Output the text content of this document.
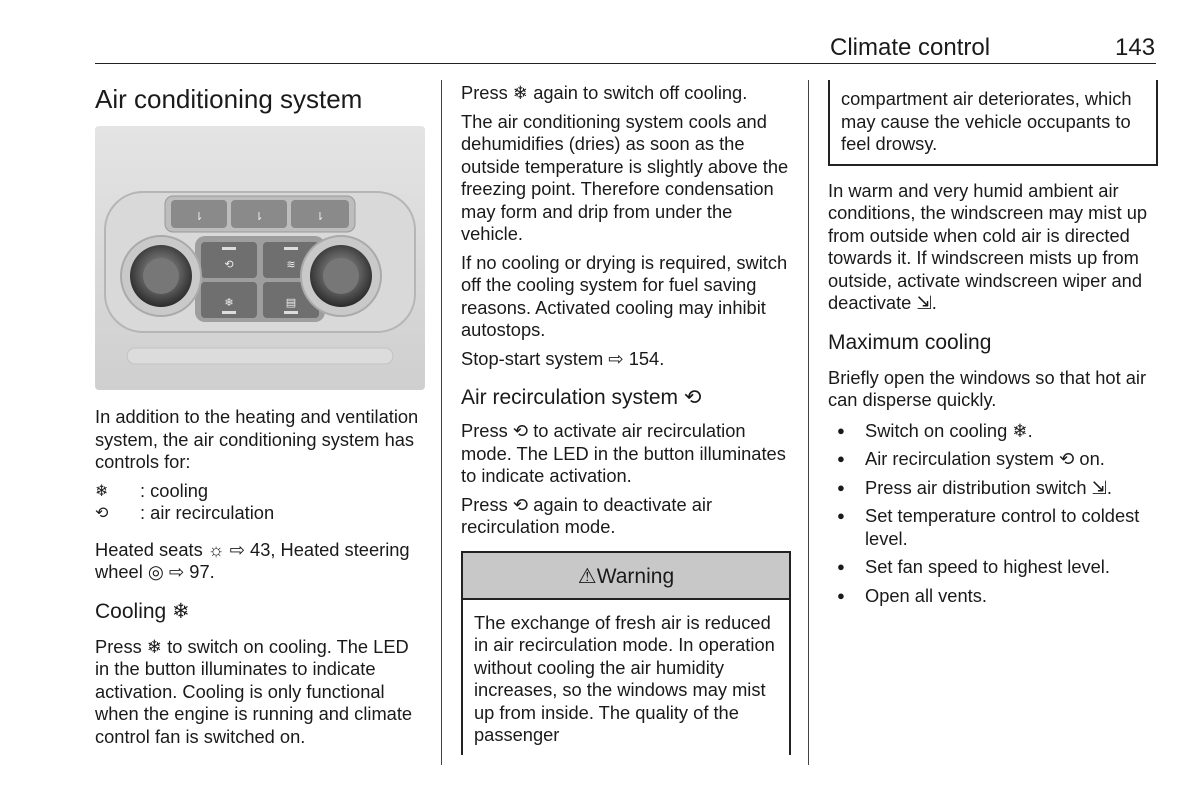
Climate control	143
Air conditioning system
⇂	⇂	⇂
⟲	≋
❄	▤

In addition to the heating and ventilation system, the air conditioning system has controls for:

❄	: cooling
⟲	: air recirculation

Heated seats ☼ ⇨ 43, Heated steering wheel ◎ ⇨ 97.

Cooling ❄

Press ❄ to switch on cooling. The LED in the button illuminates to indicate activation. Cooling is only functional when the engine is running and climate control fan is switched on.

Press ❄ again to switch off cooling.

The air conditioning system cools and dehumidifies (dries) as soon as the outside temperature is slightly above the freezing point. Therefore condensation may form and drip from under the vehicle.

If no cooling or drying is required, switch off the cooling system for fuel saving reasons. Activated cooling may inhibit autostops.

Stop-start system ⇨ 154.

Air recirculation system ⟲

Press ⟲ to activate air recirculation mode. The LED in the button illuminates to indicate activation.

Press ⟲ again to deactivate air recirculation mode.

⚠Warning
The exchange of fresh air is reduced in air recirculation mode. In operation without cooling the air humidity increases, so the windows may mist up from inside. The quality of the passenger
compartment air deteriorates, which may cause the vehicle occupants to feel drowsy.

In warm and very humid ambient air conditions, the windscreen may mist up from outside when cold air is directed towards it. If windscreen mists up from outside, activate windscreen wiper and deactivate ⇲.

Maximum cooling

Briefly open the windows so that hot air can disperse quickly.

● Switch on cooling ❄.
● Air recirculation system ⟲ on.
● Press air distribution switch ⇲.
● Set temperature control to coldest level.
● Set fan speed to highest level.
● Open all vents.
